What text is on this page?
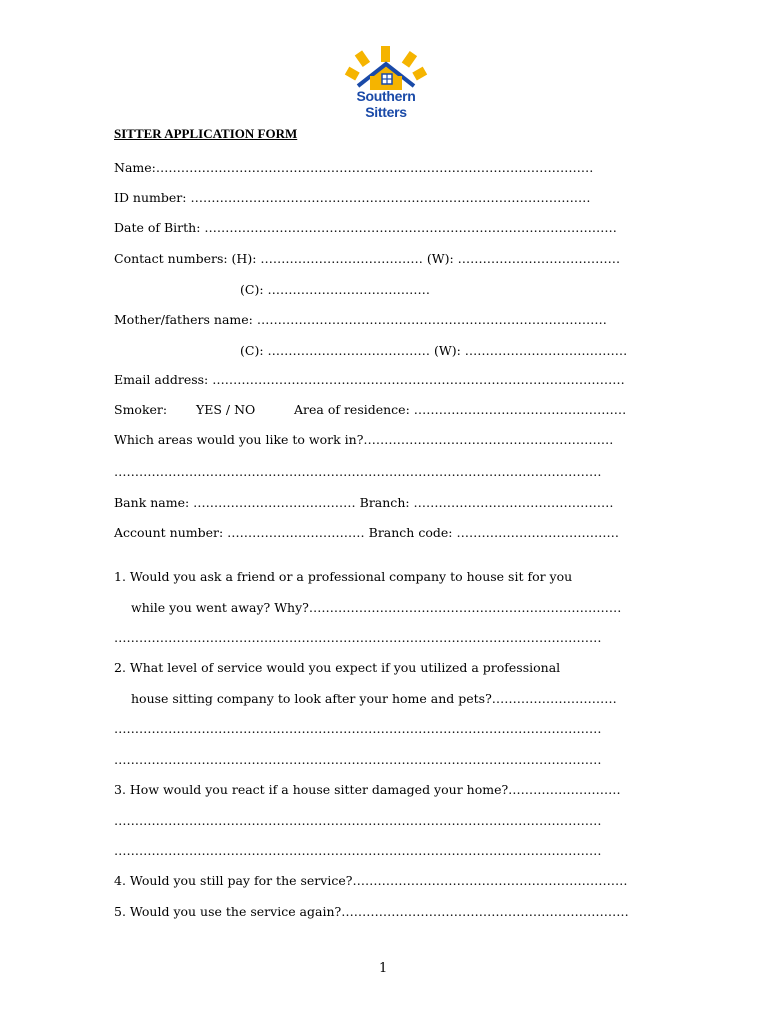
Southern Sitters
SITTER APPLICATION FORM
Name:……………………………………………………………………………………………
ID number: ……………………………………………………………………………………
Date of Birth: ………………………………………………………………………………………
Contact numbers: (H): ………………………………… (W): …………………………………
(C): …………………………………
Mother/fathers name: …………………………………………………………………………
(C): ………………………………… (W): …………………………………
Email address: ………………………………………………………………………………………
Smoker: YES / NO	Area of residence: ……………………………………………
Which areas would you like to work in?……………………………………………………
………………………………………………………………………………………………………
Bank name: ………………………………… Branch: …………………………………………
Account number: …………………………… Branch code: …………………………………
1. Would you ask a friend or a professional company to house sit for you
while you went away? Why?…………………………………………………………………
………………………………………………………………………………………………………
2. What level of service would you expect if you utilized a professional
house sitting company to look after your home and pets?…………………………
………………………………………………………………………………………………………
………………………………………………………………………………………………………
3. How would you react if a house sitter damaged your home?………………………
………………………………………………………………………………………………………
………………………………………………………………………………………………………
4. Would you still pay for the service?…………………………………………………………
5. Would you use the service again?……………………………………………………………
1
